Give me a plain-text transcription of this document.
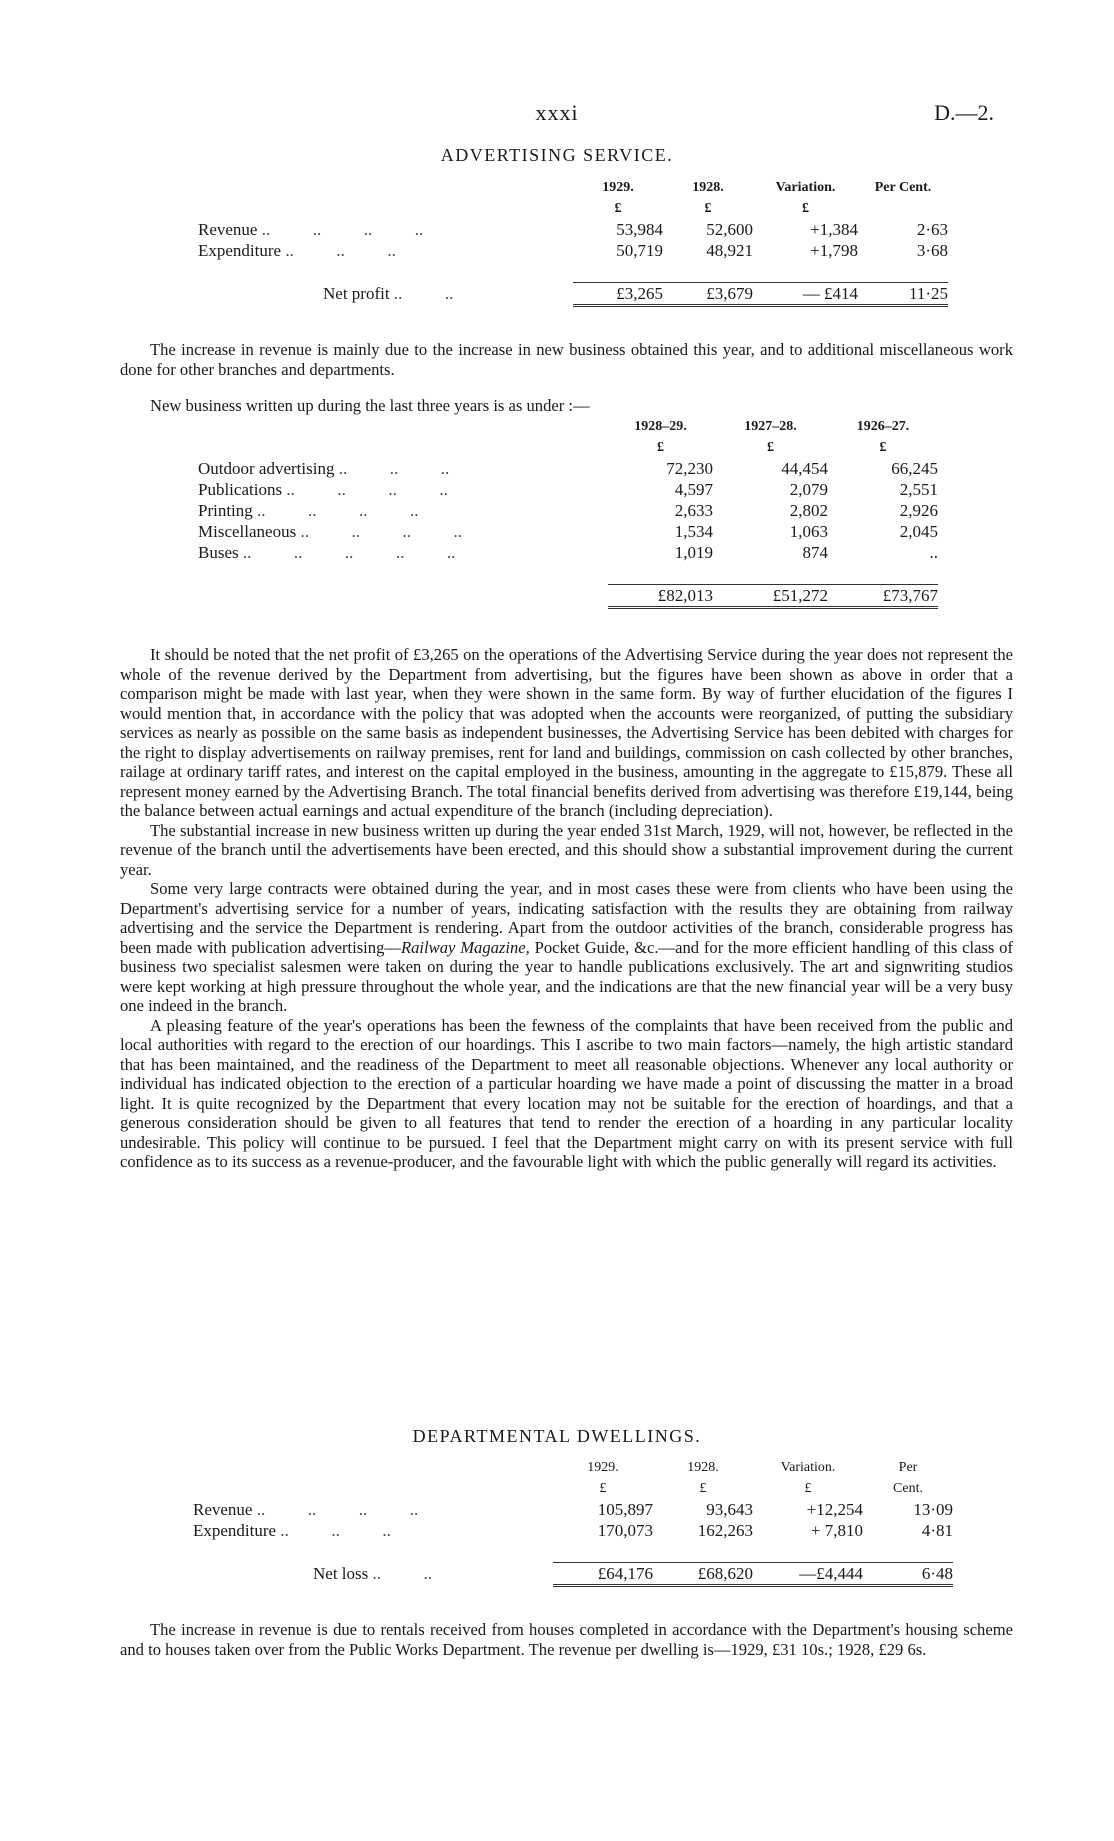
xxxi	D.—2.
ADVERTISING SERVICE.
	1929.	1928.	Variation.	Per Cent.
	£	£	£	
Revenue ..          ..          ..          ..	53,984	52,600	+1,384	2·63
Expenditure ..          ..          ..	50,719	48,921	+1,798	3·68

Net profit ..          ..	£3,265	£3,679	— £414	11·25

The increase in revenue is mainly due to the increase in new business obtained this year, and to additional miscellaneous work done for other branches and departments.

New business written up during the last three years is as under :—

	1928–29.	1927–28.	1926–27.
	£	£	£
Outdoor advertising ..          ..          ..	72,230	44,454	66,245
Publications ..          ..          ..          ..	4,597	2,079	2,551
Printing ..          ..          ..          ..	2,633	2,802	2,926
Miscellaneous ..          ..          ..          ..	1,534	1,063	2,045
Buses ..          ..          ..          ..          ..	1,019	874	..

	£82,013	£51,272	£73,767

It should be noted that the net profit of £3,265 on the operations of the Advertising Service during the year does not represent the whole of the revenue derived by the Department from advertising, but the figures have been shown as above in order that a comparison might be made with last year, when they were shown in the same form. By way of further elucidation of the figures I would mention that, in accordance with the policy that was adopted when the accounts were reorganized, of putting the subsidiary services as nearly as possible on the same basis as independent businesses, the Advertising Service has been debited with charges for the right to display advertisements on railway premises, rent for land and buildings, commission on cash collected by other branches, railage at ordinary tariff rates, and interest on the capital employed in the business, amounting in the aggregate to £15,879. These all represent money earned by the Advertising Branch. The total financial benefits derived from advertising was therefore £19,144, being the balance between actual earnings and actual expenditure of the branch (including depreciation).

The substantial increase in new business written up during the year ended 31st March, 1929, will not, however, be reflected in the revenue of the branch until the advertisements have been erected, and this should show a substantial improvement during the current year.

Some very large contracts were obtained during the year, and in most cases these were from clients who have been using the Department's advertising service for a number of years, indicating satisfaction with the results they are obtaining from railway advertising and the service the Department is rendering. Apart from the outdoor activities of the branch, considerable progress has been made with publication advertising—Railway Magazine, Pocket Guide, &c.—and for the more efficient handling of this class of business two specialist salesmen were taken on during the year to handle publications exclusively. The art and signwriting studios were kept working at high pressure throughout the whole year, and the indications are that the new financial year will be a very busy one indeed in the branch.

A pleasing feature of the year's operations has been the fewness of the complaints that have been received from the public and local authorities with regard to the erection of our hoardings. This I ascribe to two main factors—namely, the high artistic standard that has been maintained, and the readiness of the Department to meet all reasonable objections. Whenever any local authority or individual has indicated objection to the erection of a particular hoarding we have made a point of discussing the matter in a broad light. It is quite recognized by the Department that every location may not be suitable for the erection of hoardings, and that a generous consideration should be given to all features that tend to render the erection of a hoarding in any particular locality undesirable. This policy will continue to be pursued. I feel that the Department might carry on with its present service with full confidence as to its success as a revenue-producer, and the favourable light with which the public generally will regard its activities.

DEPARTMENTAL DWELLINGS.
	1929.	1928.	Variation.	Per
	£	£	£	Cent.
Revenue ..          ..          ..          ..	105,897	93,643	+12,254	13·09
Expenditure ..          ..          ..	170,073	162,263	+ 7,810	4·81

Net loss ..          ..	£64,176	£68,620	—£4,444	6·48

The increase in revenue is due to rentals received from houses completed in accordance with the Department's housing scheme and to houses taken over from the Public Works Department. The revenue per dwelling is—1929, £31 10s.; 1928, £29 6s.
